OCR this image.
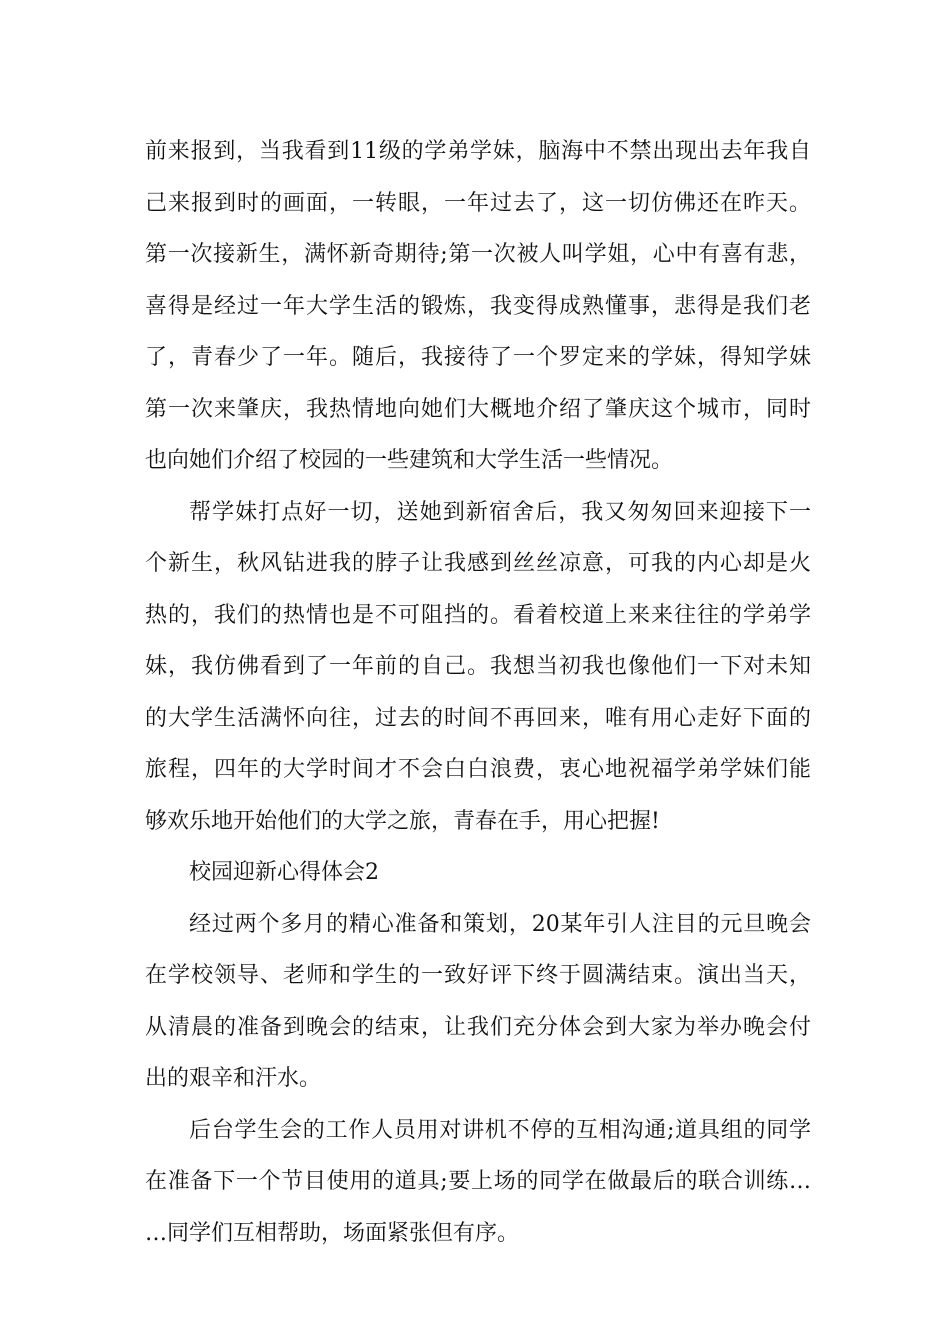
前来报到，当我看到11级的学弟学妹，脑海中不禁出现出去年我自
己来报到时的画面，一转眼，一年过去了，这一切仿佛还在昨天。
第一次接新生，满怀新奇期待;第一次被人叫学姐，心中有喜有悲，
喜得是经过一年大学生活的锻炼，我变得成熟懂事，悲得是我们老
了，青春少了一年。随后，我接待了一个罗定来的学妹，得知学妹
第一次来肇庆，我热情地向她们大概地介绍了肇庆这个城市，同时
也向她们介绍了校园的一些建筑和大学生活一些情况。
帮学妹打点好一切，送她到新宿舍后，我又匆匆回来迎接下一
个新生，秋风钻进我的脖子让我感到丝丝凉意，可我的内心却是火
热的，我们的热情也是不可阻挡的。看着校道上来来往往的学弟学
妹，我仿佛看到了一年前的自己。我想当初我也像他们一下对未知
的大学生活满怀向往，过去的时间不再回来，唯有用心走好下面的
旅程，四年的大学时间才不会白白浪费，衷心地祝福学弟学妹们能
够欢乐地开始他们的大学之旅，青春在手，用心把握!
校园迎新心得体会2
经过两个多月的精心准备和策划，20某年引人注目的元旦晚会
在学校领导、老师和学生的一致好评下终于圆满结束。演出当天，
从清晨的准备到晚会的结束，让我们充分体会到大家为举办晚会付
出的艰辛和汗水。
后台学生会的工作人员用对讲机不停的互相沟通;道具组的同学
在准备下一个节目使用的道具;要上场的同学在做最后的联合训练…
…同学们互相帮助，场面紧张但有序。
